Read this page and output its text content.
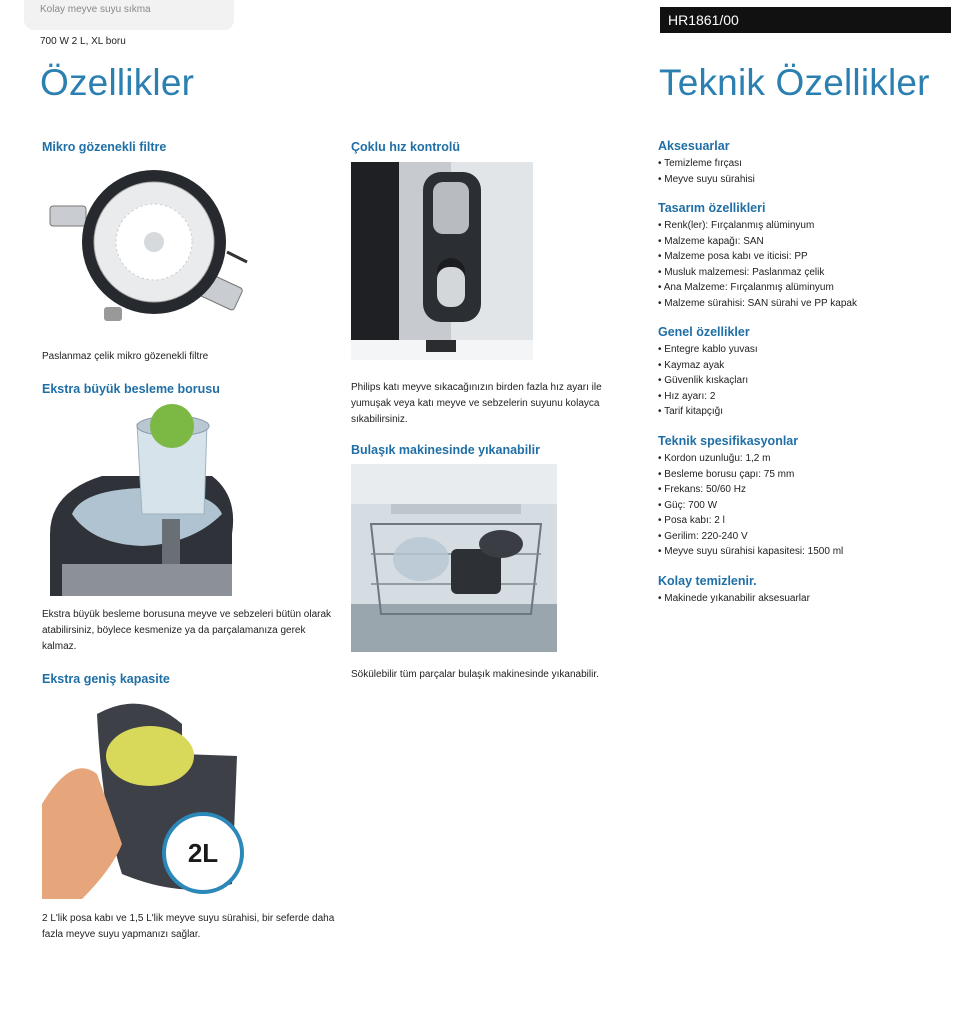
Kolay meyve suyu sıkma
700 W 2 L, XL boru
HR1861/00
Özellikler	Teknik Özellikler
Mikro gözenekli filtre
Paslanmaz çelik mikro gözenekli filtre
Ekstra büyük besleme borusu
Ekstra büyük besleme borusuna meyve ve sebzeleri bütün olarak atabilirsiniz, böylece kesmenize ya da parçalamanıza gerek kalmaz.
Ekstra geniş kapasite
2L
2 L'lik posa kabı ve 1,5 L'lik meyve suyu sürahisi, bir seferde daha fazla meyve suyu yapmanızı sağlar.
Çoklu hız kontrolü
Philips katı meyve sıkacağınızın birden fazla hız ayarı ile yumuşak veya katı meyve ve sebzelerin suyunu kolayca sıkabilirsiniz.
Bulaşık makinesinde yıkanabilir
Sökülebilir tüm parçalar bulaşık makinesinde yıkanabilir.
Aksesuarlar
• Temizleme fırçası
• Meyve suyu sürahisi
Tasarım özellikleri
• Renk(ler): Fırçalanmış alüminyum
• Malzeme kapağı: SAN
• Malzeme posa kabı ve iticisi: PP
• Musluk malzemesi: Paslanmaz çelik
• Ana Malzeme: Fırçalanmış alüminyum
• Malzeme sürahisi: SAN sürahi ve PP kapak
Genel özellikler
• Entegre kablo yuvası
• Kaymaz ayak
• Güvenlik kıskaçları
• Hız ayarı: 2
• Tarif kitapçığı
Teknik spesifikasyonlar
• Kordon uzunluğu: 1,2 m
• Besleme borusu çapı: 75 mm
• Frekans: 50/60 Hz
• Güç: 700 W
• Posa kabı: 2 l
• Gerilim: 220-240 V
• Meyve suyu sürahisi kapasitesi: 1500 ml
Kolay temizlenir.
• Makinede yıkanabilir aksesuarlar
